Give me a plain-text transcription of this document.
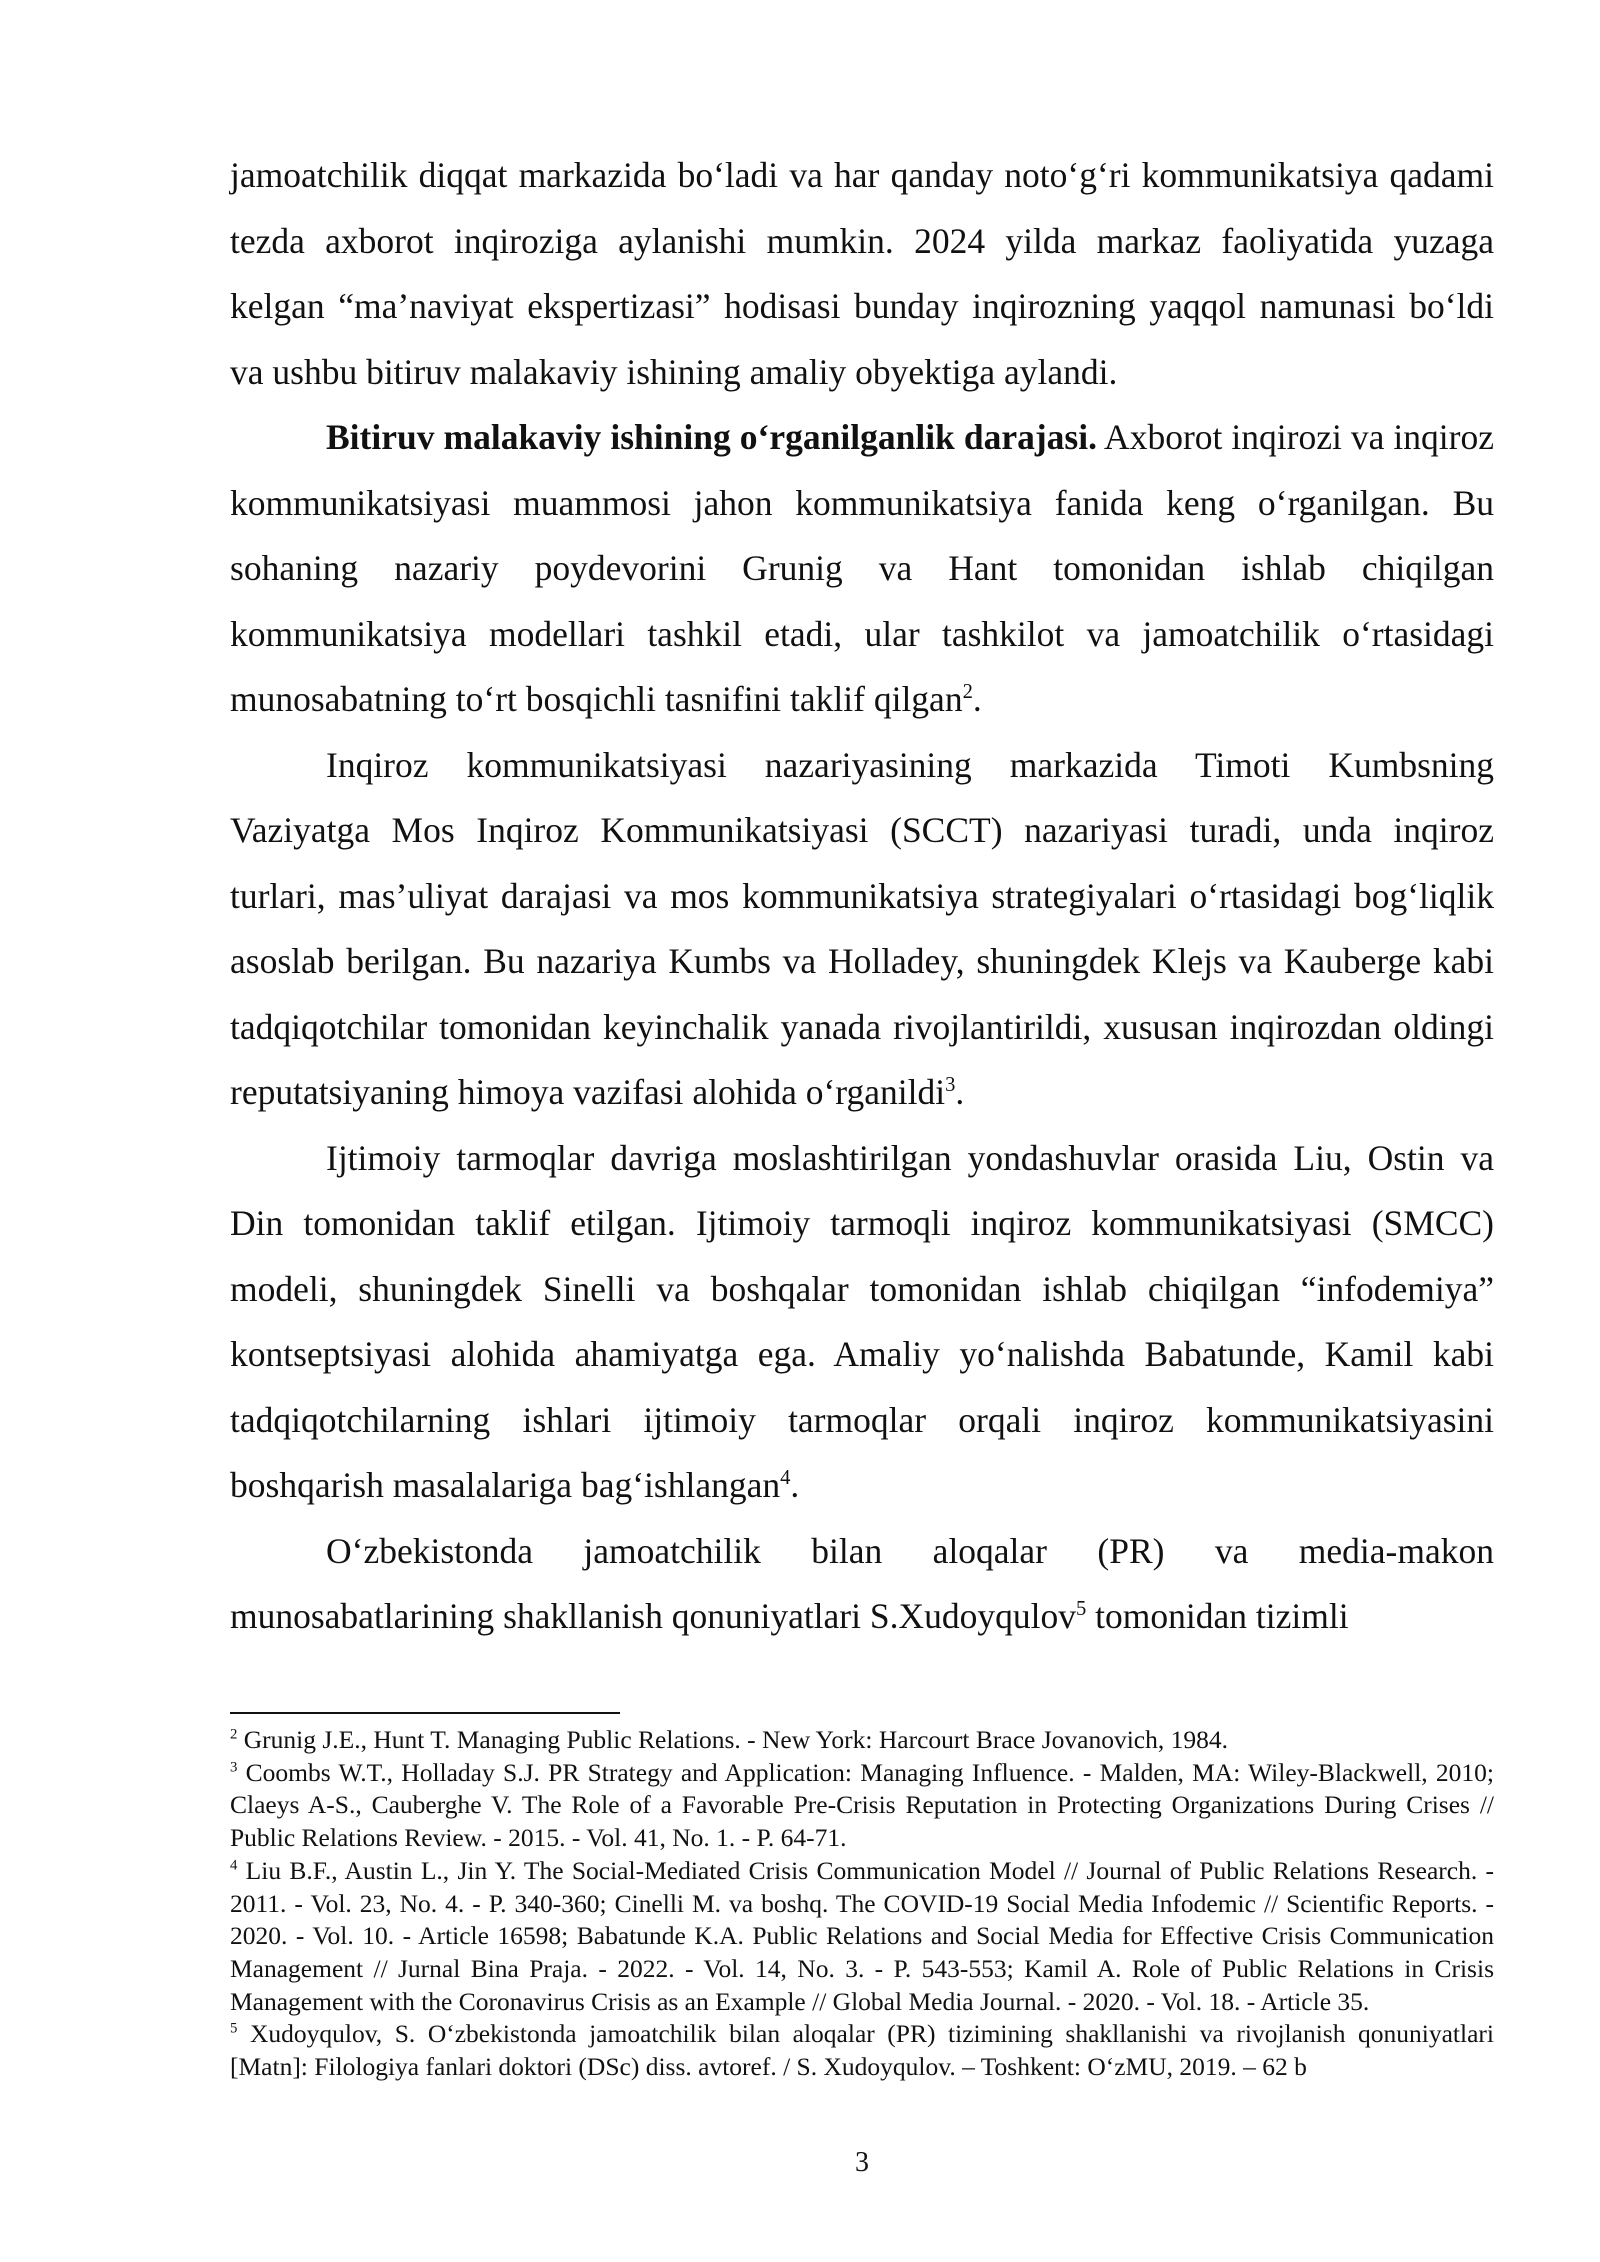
jamoatchilik diqqat markazida bo‘ladi va har qanday noto‘g‘ri kommunikatsiya qadami tezda axborot inqiroziga aylanishi mumkin. 2024 yilda markaz faoliyatida yuzaga kelgan “ma’naviyat ekspertizasi” hodisasi bunday inqirozning yaqqol namunasi bo‘ldi va ushbu bitiruv malakaviy ishining amaliy obyektiga aylandi.

Bitiruv malakaviy ishining o‘rganilganlik darajasi. Axborot inqirozi va inqiroz kommunikatsiyasi muammosi jahon kommunikatsiya fanida keng o‘rganilgan. Bu sohaning nazariy poydevorini Grunig va Hant tomonidan ishlab chiqilgan kommunikatsiya modellari tashkil etadi, ular tashkilot va jamoatchilik o‘rtasidagi munosabatning to‘rt bosqichli tasnifini taklif qilgan$^2$.

Inqiroz kommunikatsiyasi nazariyasining markazida Timoti Kumbsning Vaziyatga Mos Inqiroz Kommunikatsiyasi (SCCT) nazariyasi turadi, unda inqiroz turlari, mas’uliyat darajasi va mos kommunikatsiya strategiyalari o‘rtasidagi bog‘liqlik asoslab berilgan. Bu nazariya Kumbs va Holladey, shuningdek Klejs va Kauberge kabi tadqiqotchilar tomonidan keyinchalik yanada rivojlantirildi, xususan inqirozdan oldingi reputatsiyaning himoya vazifasi alohida o‘rganildi$^3$.

Ijtimoiy tarmoqlar davriga moslashtirilgan yondashuvlar orasida Liu, Ostin va Din tomonidan taklif etilgan. Ijtimoiy tarmoqli inqiroz kommunikatsiyasi (SMCC) modeli, shuningdek Sinelli va boshqalar tomonidan ishlab chiqilgan “infodemiya” kontseptsiyasi alohida ahamiyatga ega. Amaliy yo‘nalishda Babatunde, Kamil kabi tadqiqotchilarning ishlari ijtimoiy tarmoqlar orqali inqiroz kommunikatsiyasini boshqarish masalalariga bag‘ishlangan$^4$.

O‘zbekistonda jamoatchilik bilan aloqalar (PR) va media-makon munosabatlarining shakllanish qonuniyatlari S.Xudoyqulov$^5$ tomonidan tizimli

$^2$ Grunig J.E., Hunt T. Managing Public Relations. - New York: Harcourt Brace Jovanovich, 1984.

$^3$ Coombs W.T., Holladay S.J. PR Strategy and Application: Managing Influence. - Malden, MA: Wiley-Blackwell, 2010; Claeys A-S., Cauberghe V. The Role of a Favorable Pre-Crisis Reputation in Protecting Organizations During Crises // Public Relations Review. - 2015. - Vol. 41, No. 1. - P. 64-71.

$^4$ Liu B.F., Austin L., Jin Y. The Social-Mediated Crisis Communication Model // Journal of Public Relations Research. - 2011. - Vol. 23, No. 4. - P. 340-360; Cinelli M. va boshq. The COVID-19 Social Media Infodemic // Scientific Reports. - 2020. - Vol. 10. - Article 16598; Babatunde K.A. Public Relations and Social Media for Effective Crisis Communication Management // Jurnal Bina Praja. - 2022. - Vol. 14, No. 3. - P. 543-553; Kamil A. Role of Public Relations in Crisis Management with the Coronavirus Crisis as an Example // Global Media Journal. - 2020. - Vol. 18. - Article 35.

$^5$ Xudoyqulov, S. O‘zbekistonda jamoatchilik bilan aloqalar (PR) tizimining shakllanishi va rivojlanish qonuniyatlari [Matn]: Filologiya fanlari doktori (DSc) diss. avtoref. / S. Xudoyqulov. – Toshkent: O‘zMU, 2019. – 62 b

3
